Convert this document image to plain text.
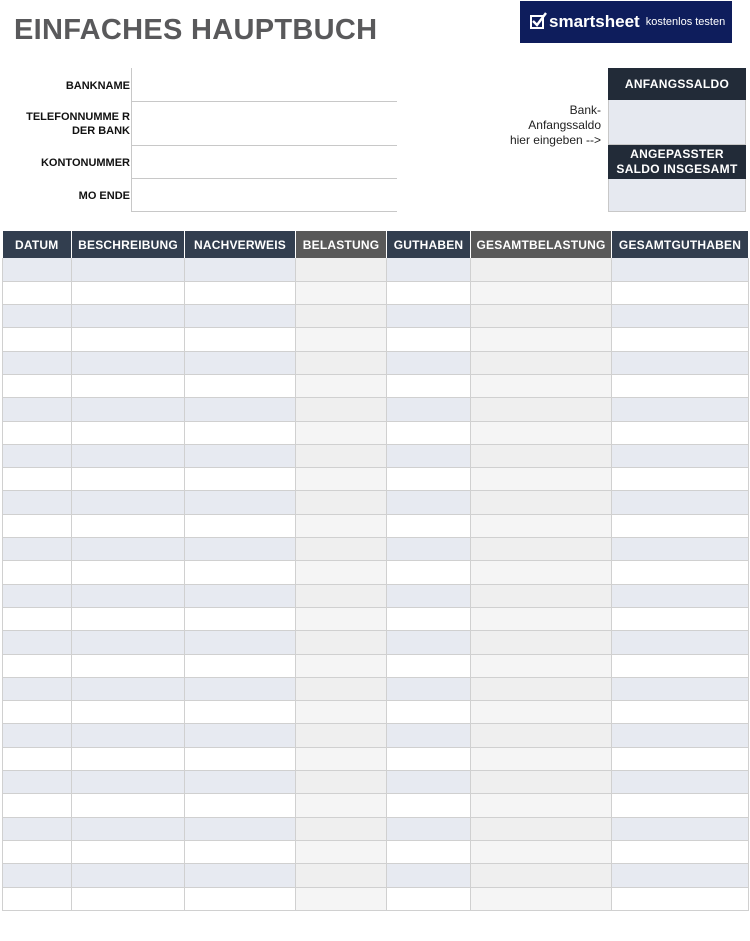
EINFACHES HAUPTBUCH	smartsheet kostenlos testen
BANKNAME
TELEFONNUMME R DER BANK
KONTONUMMER
MO ENDE
Bank-
Anfangssaldo
hier eingeben -->
ANFANGSSALDO
ANGEPASSTER SALDO INSGESAMT
DATUM	BESCHREIBUNG	NACHVERWEIS	BELASTUNG	GUTHABEN	GESAMTBELASTUNG	GESAMTGUTHABEN
